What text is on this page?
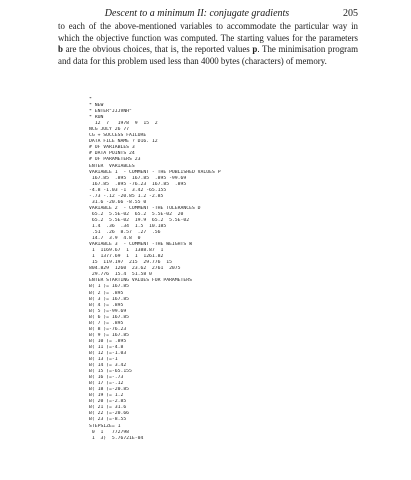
Descent to a minimum II: conjugate gradients	205

to each of the above-mentioned variables to accommodate the particular way in which the objective function was computed. The starting values for the parameters b are the obvious choices, that is, the reported values p. The minimisation program and data for this problem used less than 4000 bytes (characters) of memory.

*
* NEW
* ENTER"JJJVNH"
* RUN
12  7   1978  9  15  2
NCG JULY 26 77
CG + SUCCESS FAILURE
DATA FILE NAME ? D16. 12
# OF VARIABLES 3
# DATA POINTS 24
# OF PARAMETERS 23
ENTER  VARIABLES
VARIABLE 1  - COMMENT - THE PUBLISHED VALUES P
167.85  .895  167.85  .895 -99.69
167.85  .895 -76.23  167.85  .895
-4.8 -1.03 -1  3.42 -65.155
-.73 -.12 -20.85 1.2 -2.85
31.6 -20.66 -8.55 0
VARIABLE 2  - COMMENT -THE TOLERANCES D
65.2  5.5E-02  65.2  5.5E-02  20
65.2  5.5E-02  19.9  65.2  5.5E-02
1.4  .36  .34  1.5  10.185
.51  .26  8.57  .27  .56
14.7  3.9  4.8  0
VARIABLE 3  - COMMENT -THE WEIGHTS W
1  1169.67  1  1388.87  1
1  1377.69  1  1  1261.82
15  119.197  215  29.776  15
804.829  1260  23.62  2761  2075
29.776  15.4  51.58 0
ENTER STARTING VALUES FOR PARAMETERS
B( 1 )= 167.85
B( 2 )= .895
B( 3 )= 167.85
B( 4 )= .895
B( 5 )=-99.69
B( 6 )= 167.85
B( 7 )= .895
B( 8 )=-76.23
B( 9 )= 167.85
B( 10 )= .895
B( 11 )=-4.8
B( 12 )=-1.03
B( 13 )=-1
B( 14 )= 3.42
B( 15 )=-65.155
B( 16 )=-.73
B( 17 )=-.12
B( 18 )=-20.85
B( 19 )= 1.2
B( 20 )=-2.85
B( 21 )= 31.6
B( 22 )=-20.66
B( 23 )=-8.55
STEPSIZE= 1
0  1   772798
1  3)  5.76721E-04
